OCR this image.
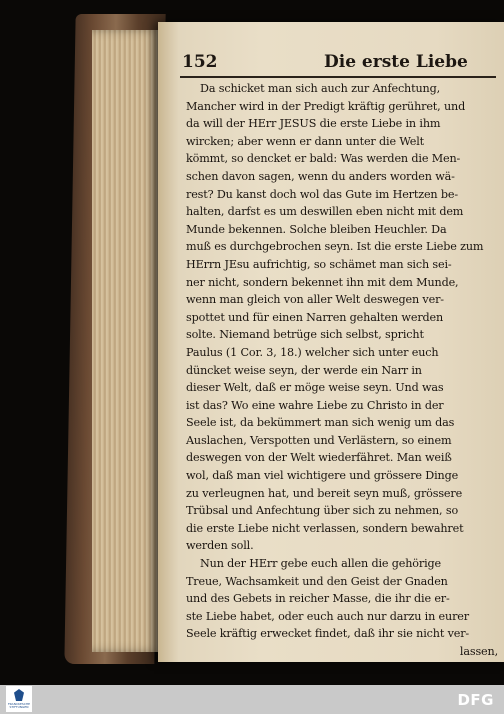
152	Die erste Liebe
Da schicket man sich auch zur Anfechtung,
Mancher wird in der Predigt kräftig gerühret, und
da will der HErr JESUS die erste Liebe in ihm
wircken; aber wenn er dann unter die Welt
kömmt, so dencket er bald: Was werden die Men-
schen davon sagen, wenn du anders worden wä-
rest? Du kanst doch wol das Gute im Hertzen be-
halten, darfst es um deswillen eben nicht mit dem
Munde bekennen. Solche bleiben Heuchler. Da
muß es durchgebrochen seyn. Ist die erste Liebe zum
HErrn JEsu aufrichtig, so schämet man sich sei-
ner nicht, sondern bekennet ihn mit dem Munde,
wenn man gleich von aller Welt deswegen ver-
spottet und für einen Narren gehalten werden
solte. Niemand betrüge sich selbst, spricht
Paulus (1 Cor. 3, 18.) welcher sich unter euch
düncket weise seyn, der werde ein Narr in
dieser Welt, daß er möge weise seyn. Und was
ist das? Wo eine wahre Liebe zu Christo in der
Seele ist, da bekümmert man sich wenig um das
Auslachen, Verspotten und Verlästern, so einem
deswegen von der Welt wiederfähret. Man weiß
wol, daß man viel wichtigere und grössere Dinge
zu verleugnen hat, und bereit seyn muß, grössere
Trübsal und Anfechtung über sich zu nehmen, so
die erste Liebe nicht verlassen, sondern bewahret
werden soll.
Nun der HErr gebe euch allen die gehörige
Treue, Wachsamkeit und den Geist der Gnaden
und des Gebets in reicher Masse, die ihr die er-
ste Liebe habet, oder euch auch nur darzu in eurer
Seele kräftig erwecket findet, daß ihr sie nicht ver-
lassen,
FRANCKESCHE STIFTUNGEN	DFG
